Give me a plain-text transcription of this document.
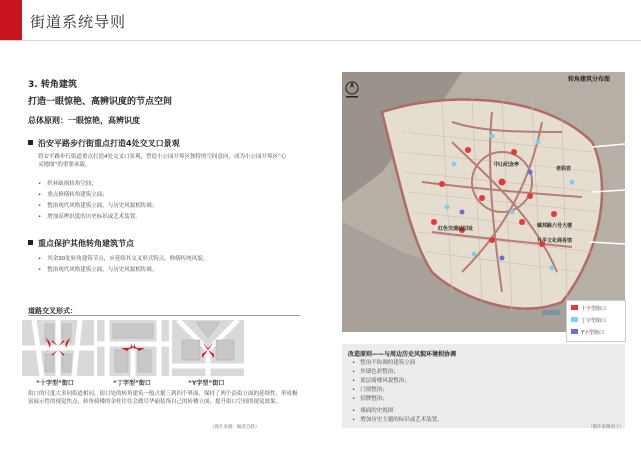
街道系统导则
3. 转角建筑
打造一眼惊艳、高辨识度的节点空间
总体原则：一眼惊艳，高辨识度
沿安平路步行街重点打造4处交叉口景观
将安平路步行街道重点打造4处交叉口景观，塑造小公园开埠区独特的空间意向，成为小公园开埠区“心灵地图”的重要承载。
• 织补缺损转角空间；
• 重点修缮转角建筑立面；
• 整治现代风格建筑立面，与历史风貌相协调；
• 增加高辨识度的历史标识或艺术装置。
重点保护其他转角建筑节点
• 其余30处转角建筑节点，应延续其交叉形式特点，修缮传统风貌。
• 整治现代风格建筑立面，与历史风貌相协调。
道路交叉形式：
“十字型”街口	“丁字型”街口	“Y字型”街口
街口的尺度大多同街道相同，街口处的转角建筑一般占据三到四个界面，保持了两个沿街立面的延续性，形成极富展示性的视觉焦点，转角骑楼的金柱往往会做尽华丽装饰自己的转楼立面，提升街口空间的视觉效果。
（图片来源：编者自绘）
转角建筑分布图
中山纪念亭
老妈宫
红色交通站旧址	镇邦路六号大楼
升平文化商务馆
十字型街口
丁字型街口
Y字型街口
改造原则——与周边历史风貌环境相协调
• 整治不协调的建筑立面
• 外墙色彩整治；
• 底层骑楼风貌整治；
• 门窗整治；
• 招牌整治；
• 墙面的史视图
• 增加历史主题的标识或艺术装置。
（图片来源同上）
